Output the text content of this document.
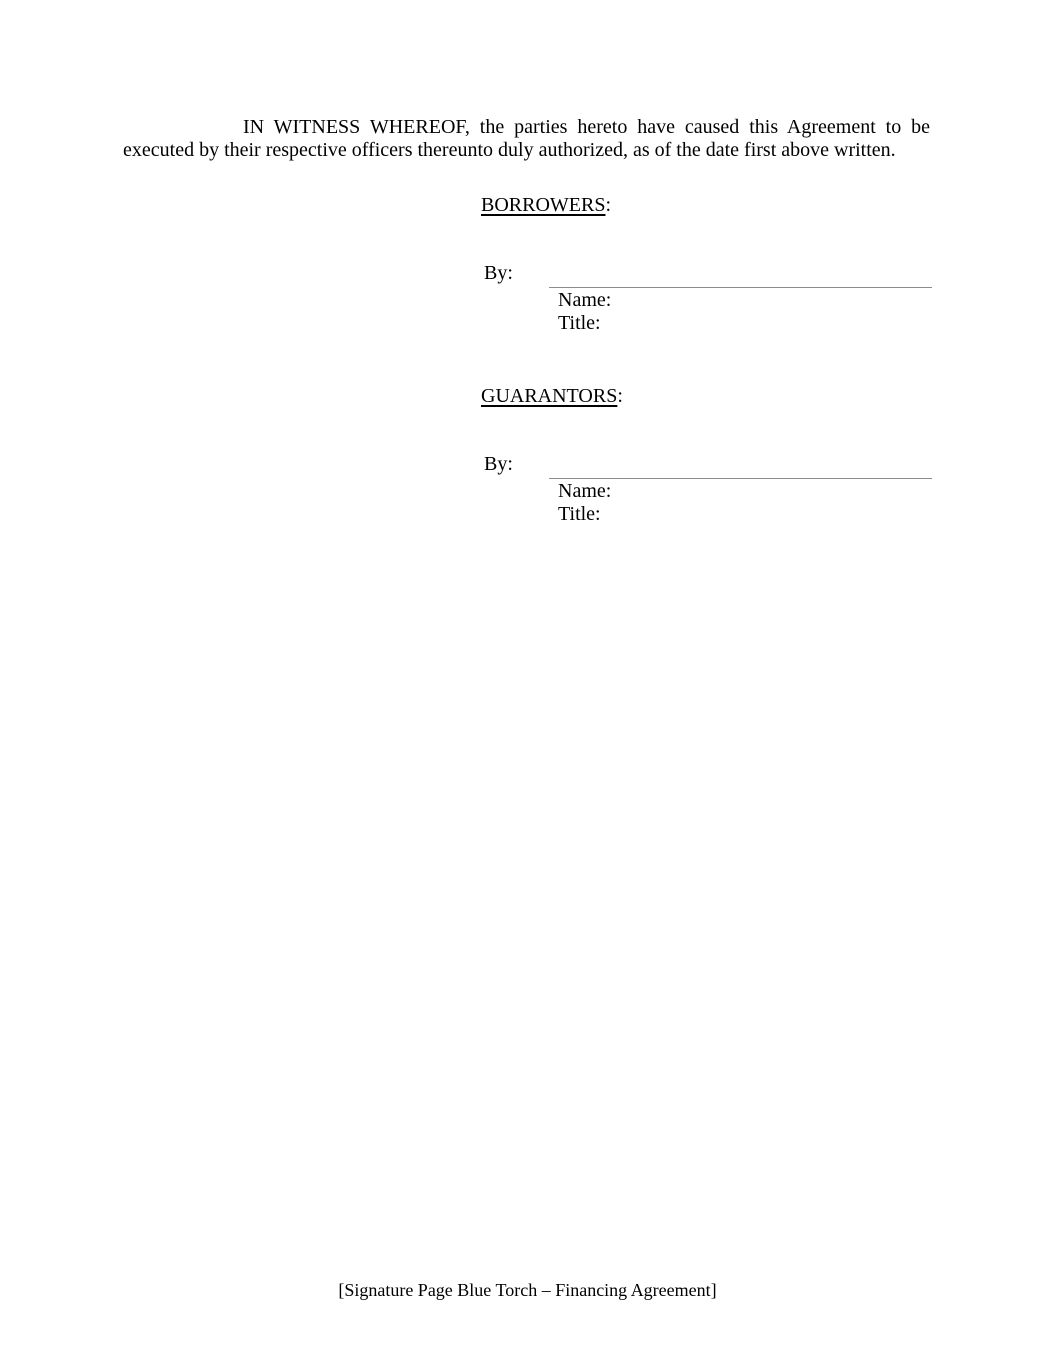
IN WITNESS WHEREOF, the parties hereto have caused this Agreement to be executed by their respective officers thereunto duly authorized, as of the date first above written.

BORROWERS:
By:
Name:
Title:
GUARANTORS:
By:
Name:
Title:
[Signature Page Blue Torch – Financing Agreement]
